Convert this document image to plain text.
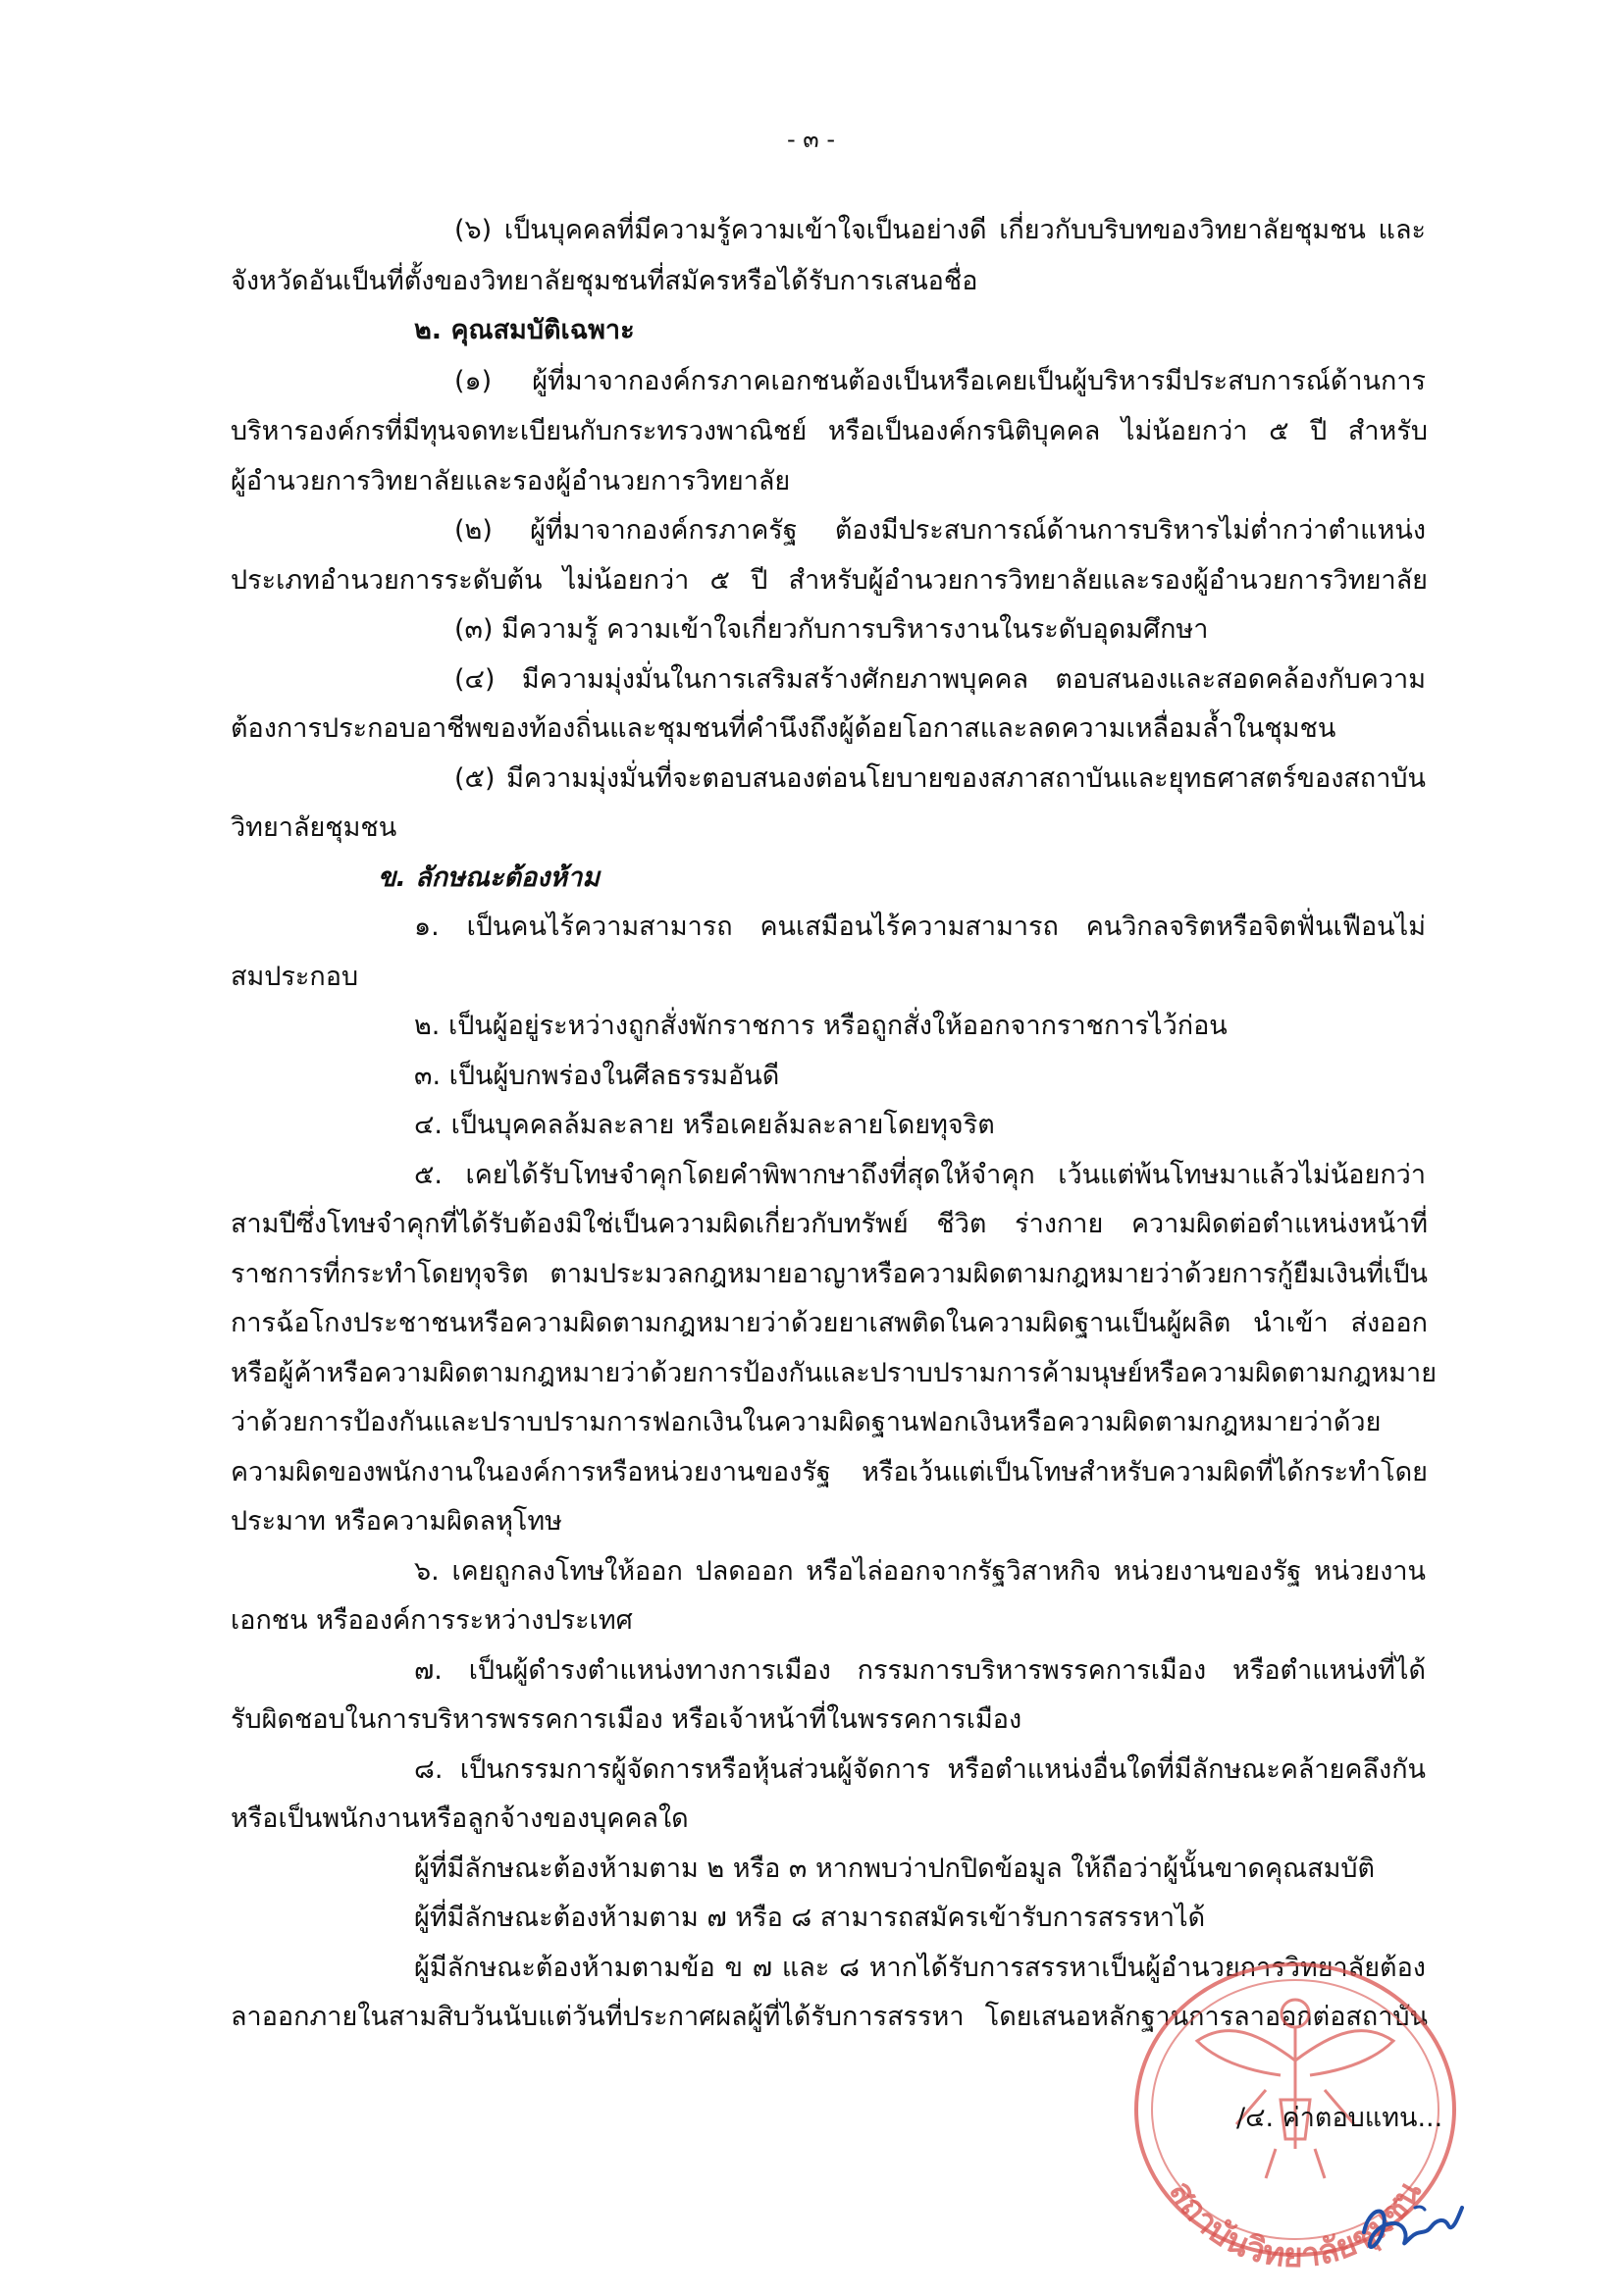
- ๓ -
(๖) เป็นบุคคลที่มีความรู้ความเข้าใจเป็นอย่างดี เกี่ยวกับบริบทของวิทยาลัยชุมชน และ
จังหวัดอันเป็นที่ตั้งของวิทยาลัยชุมชนที่สมัครหรือได้รับการเสนอชื่อ
๒. คุณสมบัติเฉพาะ
(๑) ผู้ที่มาจากองค์กรภาคเอกชนต้องเป็นหรือเคยเป็นผู้บริหารมีประสบการณ์ด้านการ
บริหารองค์กรที่มีทุนจดทะเบียนกับกระทรวงพาณิชย์ หรือเป็นองค์กรนิติบุคคล ไม่น้อยกว่า ๕ ปี สำหรับ
ผู้อำนวยการวิทยาลัยและรองผู้อำนวยการวิทยาลัย
(๒) ผู้ที่มาจากองค์กรภาครัฐ ต้องมีประสบการณ์ด้านการบริหารไม่ต่ำกว่าตำแหน่ง
ประเภทอำนวยการระดับต้น ไม่น้อยกว่า ๕ ปี สำหรับผู้อำนวยการวิทยาลัยและรองผู้อำนวยการวิทยาลัย
(๓) มีความรู้ ความเข้าใจเกี่ยวกับการบริหารงานในระดับอุดมศึกษา
(๔) มีความมุ่งมั่นในการเสริมสร้างศักยภาพบุคคล ตอบสนองและสอดคล้องกับความ
ต้องการประกอบอาชีพของท้องถิ่นและชุมชนที่คำนึงถึงผู้ด้อยโอกาสและลดความเหลื่อมล้ำในชุมชน
(๕) มีความมุ่งมั่นที่จะตอบสนองต่อนโยบายของสภาสถาบันและยุทธศาสตร์ของสถาบัน
วิทยาลัยชุมชน
ข. ลักษณะต้องห้าม
๑. เป็นคนไร้ความสามารถ คนเสมือนไร้ความสามารถ คนวิกลจริตหรือจิตฟั่นเฟือนไม่
สมประกอบ
๒. เป็นผู้อยู่ระหว่างถูกสั่งพักราชการ หรือถูกสั่งให้ออกจากราชการไว้ก่อน
๓. เป็นผู้บกพร่องในศีลธรรมอันดี
๔. เป็นบุคคลล้มละลาย หรือเคยล้มละลายโดยทุจริต
๕. เคยได้รับโทษจำคุกโดยคำพิพากษาถึงที่สุดให้จำคุก เว้นแต่พ้นโทษมาแล้วไม่น้อยกว่า
สามปีซึ่งโทษจำคุกที่ได้รับต้องมิใช่เป็นความผิดเกี่ยวกับทรัพย์ ชีวิต ร่างกาย ความผิดต่อตำแหน่งหน้าที่
ราชการที่กระทำโดยทุจริต ตามประมวลกฎหมายอาญาหรือความผิดตามกฎหมายว่าด้วยการกู้ยืมเงินที่เป็น
การฉ้อโกงประชาชนหรือความผิดตามกฎหมายว่าด้วยยาเสพติดในความผิดฐานเป็นผู้ผลิต นำเข้า ส่งออก
หรือผู้ค้าหรือความผิดตามกฎหมายว่าด้วยการป้องกันและปราบปรามการค้ามนุษย์หรือความผิดตามกฎหมาย
ว่าด้วยการป้องกันและปราบปรามการฟอกเงินในความผิดฐานฟอกเงินหรือความผิดตามกฎหมายว่าด้วย
ความผิดของพนักงานในองค์การหรือหน่วยงานของรัฐ หรือเว้นแต่เป็นโทษสำหรับความผิดที่ได้กระทำโดย
ประมาท หรือความผิดลหุโทษ
๖. เคยถูกลงโทษให้ออก ปลดออก หรือไล่ออกจากรัฐวิสาหกิจ หน่วยงานของรัฐ หน่วยงาน
เอกชน หรือองค์การระหว่างประเทศ
๗. เป็นผู้ดำรงตำแหน่งทางการเมือง กรรมการบริหารพรรคการเมือง หรือตำแหน่งที่ได้
รับผิดชอบในการบริหารพรรคการเมือง หรือเจ้าหน้าที่ในพรรคการเมือง
๘. เป็นกรรมการผู้จัดการหรือหุ้นส่วนผู้จัดการ หรือตำแหน่งอื่นใดที่มีลักษณะคล้ายคลึงกัน
หรือเป็นพนักงานหรือลูกจ้างของบุคคลใด
ผู้ที่มีลักษณะต้องห้ามตาม ๒ หรือ ๓ หากพบว่าปกปิดข้อมูล ให้ถือว่าผู้นั้นขาดคุณสมบัติ
ผู้ที่มีลักษณะต้องห้ามตาม ๗ หรือ ๘ สามารถสมัครเข้ารับการสรรหาได้
ผู้มีลักษณะต้องห้ามตามข้อ ข ๗ และ ๘ หากได้รับการสรรหาเป็นผู้อำนวยการวิทยาลัยต้อง
ลาออกภายในสามสิบวันนับแต่วันที่ประกาศผลผู้ที่ได้รับการสรรหา โดยเสนอหลักฐานการลาออกต่อสถาบัน
สถาบันวิทยาลัยชุมชน
/๔. ค่าตอบแทน...
